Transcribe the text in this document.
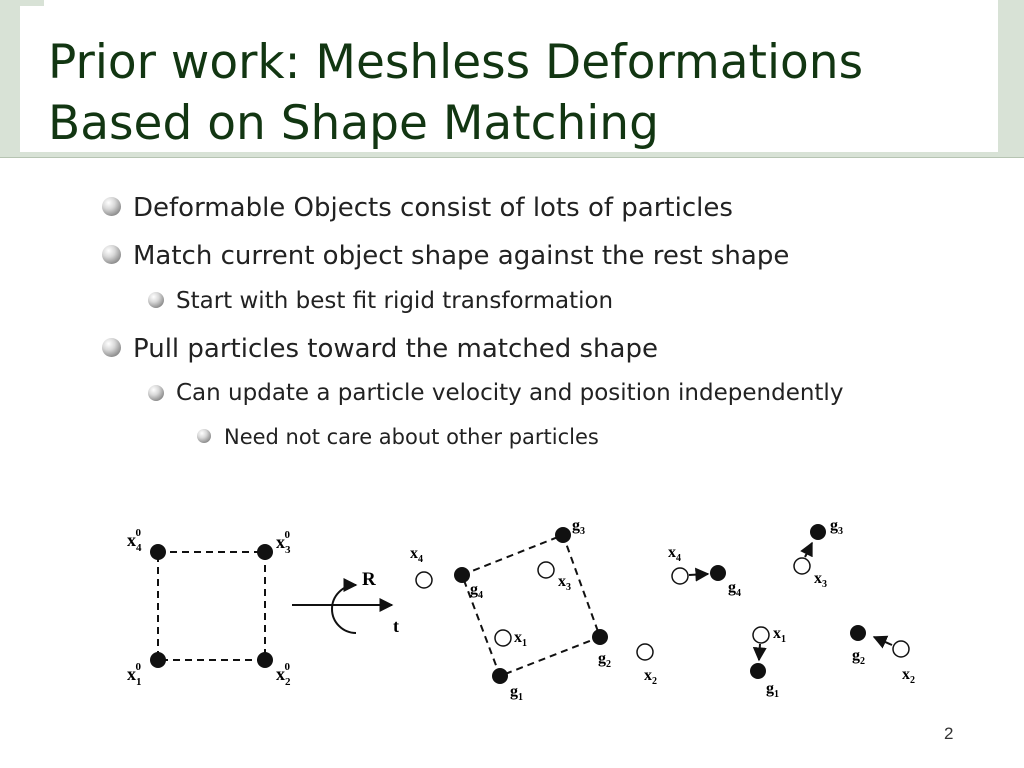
Prior work: Meshless Deformations
Based on Shape Matching
Deformable Objects consist of lots of particles
Match current object shape against the rest shape
Start with best fit rigid transformation
Pull particles toward the matched shape
Can update a particle velocity and position independently
Need not care about other particles
$x_40$	$x_30$
$x_10$	$x_20$
R
t
$x_4$
$g_4$
$g_3$
$x_3$
$x_1$
$g_2$
$g_1$
$x_2$
$x_4$
$g_4$
$g_3$
$x_3$
$x_1$
$g_1$
$g_2$
$x_2$
2
